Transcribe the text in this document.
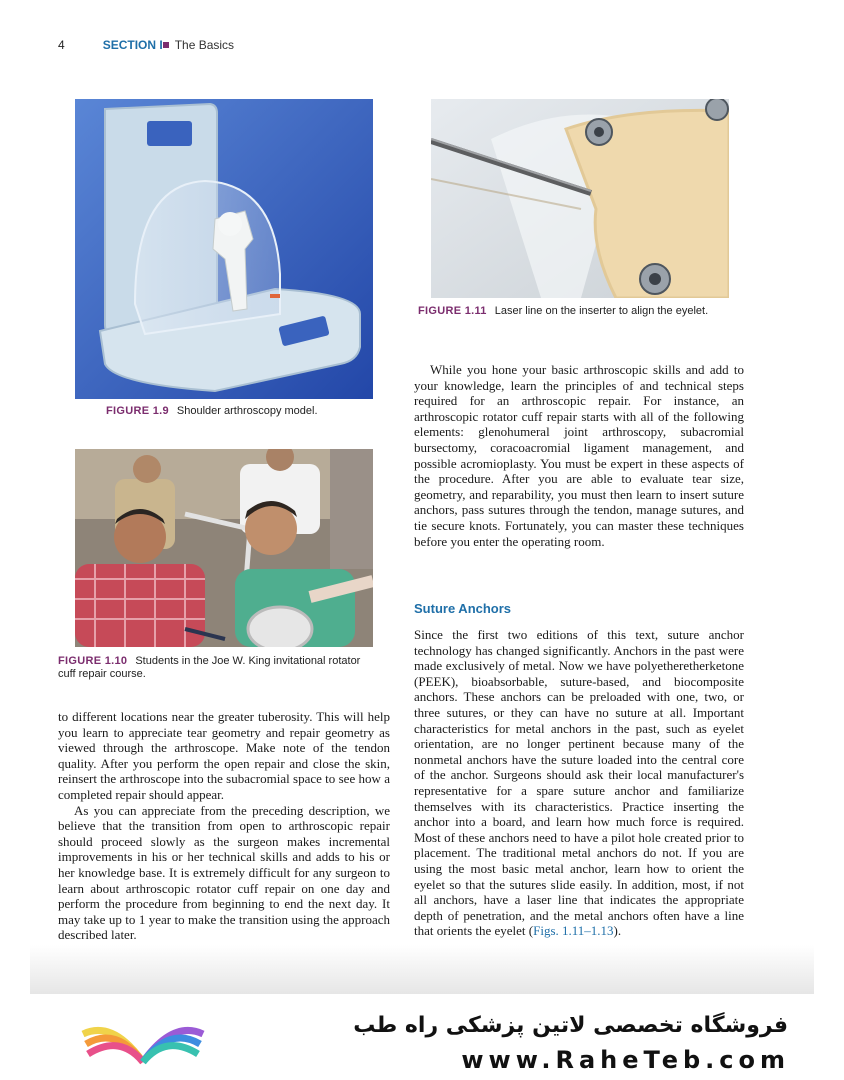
4	SECTION I The Basics
FIGURE 1.9 Shoulder arthroscopy model.
FIGURE 1.10 Students in the Joe W. King invitational rotator cuff repair course.
FIGURE 1.11 Laser line on the inserter to align the eyelet.

to different locations near the greater tuberosity. This will help you learn to appreciate tear geometry and repair geometry as viewed through the arthroscope. Make note of the tendon quality. After you perform the open repair and close the skin, reinsert the arthroscope into the subacromial space to see how a completed repair should appear.

As you can appreciate from the preceding description, we believe that the transition from open to arthroscopic repair should proceed slowly as the surgeon makes incremental improvements in his or her technical skills and adds to his or her knowledge base. It is extremely difficult for any surgeon to learn about arthroscopic rotator cuff repair on one day and perform the procedure from beginning to end the next day. It may take up to 1 year to make the transition using the approach described later.

While you hone your basic arthroscopic skills and add to your knowledge, learn the principles of and technical steps required for an arthroscopic repair. For instance, an arthroscopic rotator cuff repair starts with all of the following elements: glenohumeral joint arthroscopy, subacromial bursectomy, coracoacromial ligament management, and possible acromioplasty. You must be expert in these aspects of the procedure. After you are able to evaluate tear size, geometry, and reparability, you must then learn to insert suture anchors, pass sutures through the tendon, manage sutures, and tie secure knots. Fortunately, you can master these techniques before you enter the operating room.

Suture Anchors

Since the first two editions of this text, suture anchor technology has changed significantly. Anchors in the past were made exclusively of metal. Now we have polyetheretherketone (PEEK), bioabsorbable, suture-based, and biocomposite anchors. These anchors can be preloaded with one, two, or three sutures, or they can have no suture at all. Important characteristics for metal anchors in the past, such as eyelet orientation, are no longer pertinent because many of the nonmetal anchors have the suture loaded into the central core of the anchor. Surgeons should ask their local manufacturer's representative for a spare suture anchor and familiarize themselves with its characteristics. Practice inserting the anchor into a board, and learn how much force is required. Most of these anchors need to have a pilot hole created prior to placement. The traditional metal anchors do not. If you are using the most basic metal anchor, learn how to orient the eyelet so that the sutures slide easily. In addition, most, if not all anchors, have a laser line that indicates the appropriate depth of penetration, and the metal anchors often have a line that orients the eyelet (Figs. 1.11–1.13).

فروشگاه تخصصی لاتین پزشکی راه طب
www.RaheTeb.com
